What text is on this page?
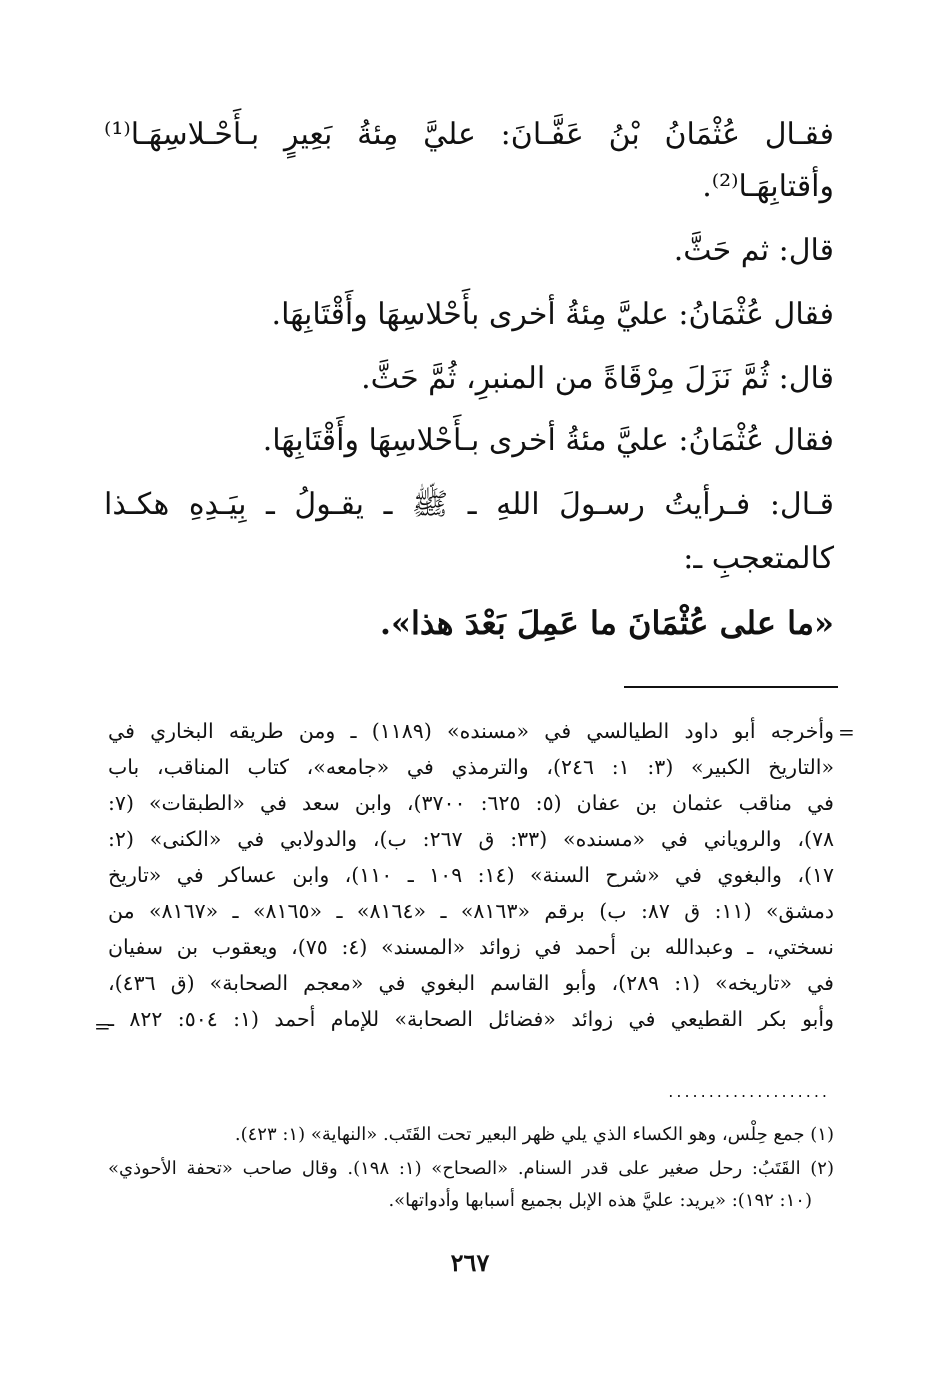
فقـال عُثْمَانُ بْنُ عَفَّـانَ: عليَّ مِئةُ بَعِيرٍ بـأَحْـلاسِهَـا⁽¹⁾
وأقتابِهَـا⁽²⁾.
قال: ثم حَثَّ.
فقال عُثْمَانُ: عليَّ مِئةُ أخرى بأَحْلاسِهَا وأَقْتَابِهَا.
قال: ثُمَّ نَزَلَ مِرْقَاةً من المنبرِ، ثُمَّ حَثَّ.
فقال عُثْمَانُ: عليَّ مئةُ أخرى بـأَحْلاسِهَا وأَقْتَابِهَا.
قـال: فـرأيتُ رسـولَ اللهِ ـ ﷺ ـ يقـولُ ـ بِيَـدِهِ هكـذا
كالمتعجبِ ـ:
«ما على عُثْمَانَ ما عَمِلَ بَعْدَ هذا».
=
وأخرجه أبو داود الطيالسي في «مسنده» (١١٨٩) ـ ومن طريقه البخاري في
«التاريخ الكبير» (٣: ١: ٢٤٦)، والترمذي في «جامعه»، كتاب المناقب، باب
في مناقب عثمان بن عفان (٥: ٦٢٥: ٣٧٠٠)، وابن سعد في «الطبقات» (٧:
٧٨)، والروياني في «مسنده» (٣٣: ق ٢٦٧: ب)، والدولابي في «الكنى» (٢:
١٧)، والبغوي في «شرح السنة» (١٤: ١٠٩ ـ ١١٠)، وابن عساكر في «تاريخ
دمشق» (١١: ق ٨٧: ب) برقم «٨١٦٣» ـ «٨١٦٤» ـ «٨١٦٥» ـ «٨١٦٧» من
نسختي، ـ وعبدالله بن أحمد في زوائد «المسند» (٤: ٧٥)، ويعقوب بن سفيان
في «تاريخه» (١: ٢٨٩)، وأبو القاسم البغوي في «معجم الصحابة» (ق ٤٣٦)،
وأبو بكر القطيعي في زوائد «فضائل الصحابة» للإمام أحمد (١: ٥٠٤: ٨٢٢ ـ
=
....................
(١) جمع حِلْس، وهو الكساء الذي يلي ظهر البعير تحت القَتَب. «النهاية» (١: ٤٢٣).
(٢) القَتَبُ: رحل صغير على قدر السنام. «الصحاح» (١: ١٩٨). وقال صاحب «تحفة الأحوذي»
(١٠: ١٩٢): «يريد: عليَّ هذه الإبل بجميع أسبابها وأدواتها».
٢٦٧
